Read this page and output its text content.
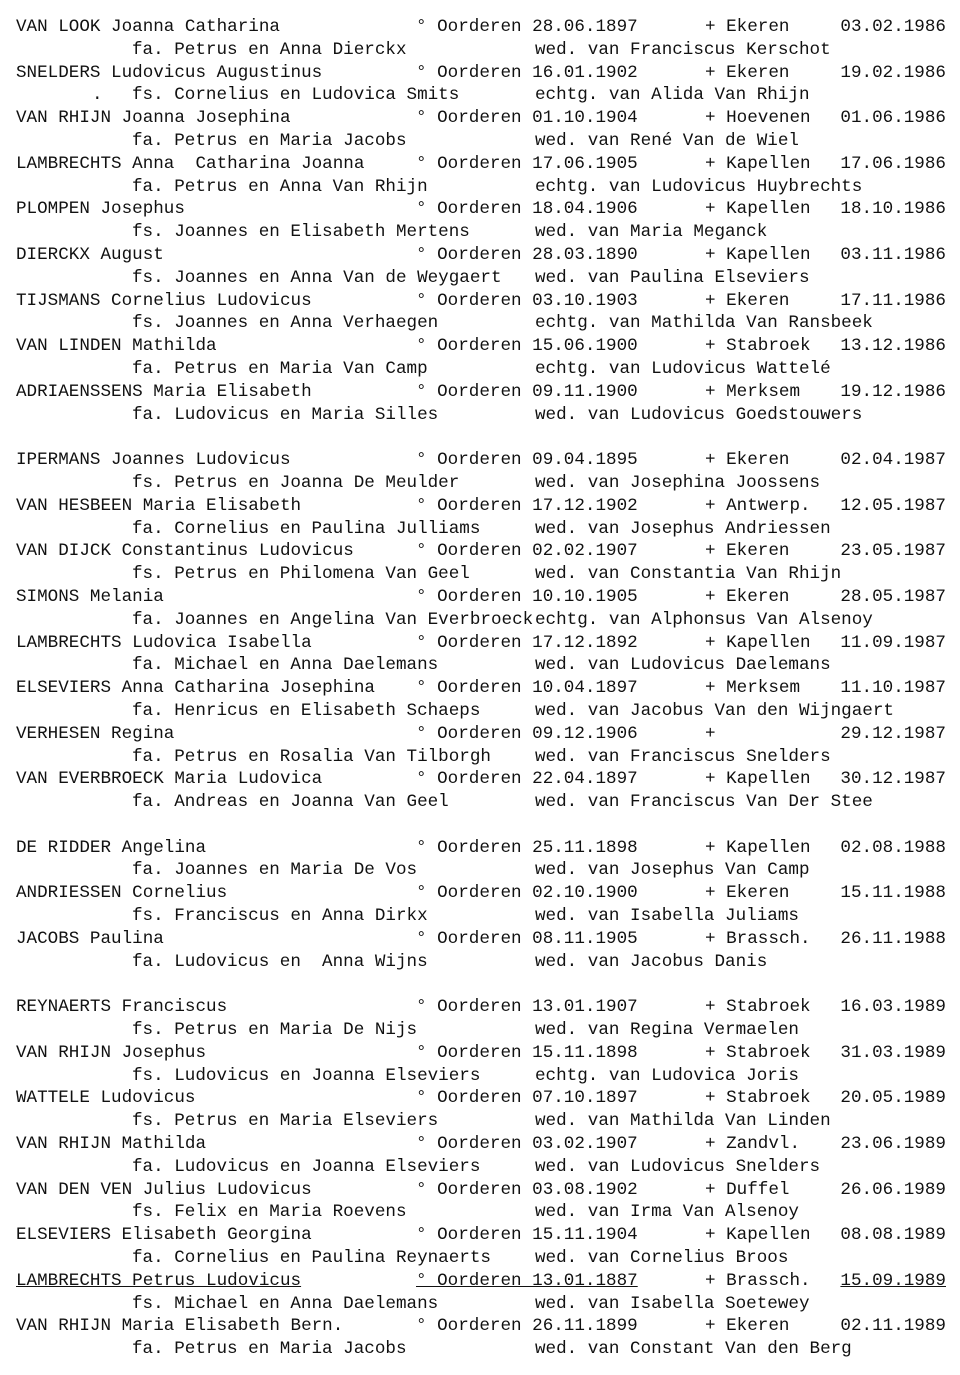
VAN LOOK Joanna Catharina	° Oorderen 28.06.1897	+ Ekeren	03.02.1986
fa. Petrus en Anna Dierckx	wed. van Franciscus Kerschot
SNELDERS Ludovicus Augustinus	° Oorderen 16.01.1902	+ Ekeren	19.02.1986
. fs. Cornelius en Ludovica Smits	echtg. van Alida Van Rhijn
VAN RHIJN Joanna Josephina	° Oorderen 01.10.1904	+ Hoevenen 01.06.1986
fa. Petrus en Maria Jacobs	wed. van René Van de Wiel
LAMBRECHTS Anna  Catharina Joanna	° Oorderen 17.06.1905	+ Kapellen 17.06.1986
fa. Petrus en Anna Van Rhijn	echtg. van Ludovicus Huybrechts
PLOMPEN Josephus	° Oorderen 18.04.1906	+ Kapellen 18.10.1986
fs. Joannes en Elisabeth Mertens	wed. van Maria Meganck
DIERCKX August	° Oorderen 28.03.1890	+ Kapellen 03.11.1986
fs. Joannes en Anna Van de Weygaert wed. van Paulina Elseviers
TIJSMANS Cornelius Ludovicus	° Oorderen 03.10.1903	+ Ekeren	17.11.1986
fs. Joannes en Anna Verhaegen	echtg. van Mathilda Van Ransbeek
VAN LINDEN Mathilda	° Oorderen 15.06.1900	+ Stabroek 13.12.1986
fa. Petrus en Maria Van Camp	echtg. van Ludovicus Wattelé
ADRIAENSSENS Maria Elisabeth	° Oorderen 09.11.1900	+ Merksem 19.12.1986
fa. Ludovicus en Maria Silles	wed. van Ludovicus Goedstouwers
IPERMANS Joannes Ludovicus	° Oorderen 09.04.1895	+ Ekeren	02.04.1987
fs. Petrus en Joanna De Meulder	wed. van Josephina Joossens
VAN HESBEEN Maria Elisabeth	° Oorderen 17.12.1902	+ Antwerp. 12.05.1987
fa. Cornelius en Paulina Julliams	wed. van Josephus Andriessen
VAN DIJCK Constantinus Ludovicus	° Oorderen 02.02.1907	+ Ekeren	23.05.1987
fs. Petrus en Philomena Van Geel	wed. van Constantia Van Rhijn
SIMONS Melania	° Oorderen 10.10.1905	+ Ekeren	28.05.1987
fa. Joannes en Angelina Van Everbroeck echtg. van Alphonsus Van Alsenoy
LAMBRECHTS Ludovica Isabella	° Oorderen 17.12.1892	+ Kapellen 11.09.1987
fa. Michael en Anna Daelemans	wed. van Ludovicus Daelemans
ELSEVIERS Anna Catharina Josephina ° Oorderen 10.04.1897	+ Merksem 11.10.1987
fa. Henricus en Elisabeth Schaeps	wed. van Jacobus Van den Wijngaert
VERHESEN Regina	° Oorderen 09.12.1906	+	29.12.1987
fa. Petrus en Rosalia Van Tilborgh	wed. van Franciscus Snelders
VAN EVERBROECK Maria Ludovica	° Oorderen 22.04.1897	+ Kapellen 30.12.1987
fa. Andreas en Joanna Van Geel	wed. van Franciscus Van Der Stee
DE RIDDER Angelina	° Oorderen 25.11.1898	+ Kapellen 02.08.1988
fa. Joannes en Maria De Vos	wed. van Josephus Van Camp
ANDRIESSEN Cornelius	° Oorderen 02.10.1900	+ Ekeren	15.11.1988
fs. Franciscus en Anna Dirkx	wed. van Isabella Juliams
JACOBS Paulina	° Oorderen 08.11.1905	+ Brassch. 26.11.1988
fa. Ludovicus en  Anna Wijns	wed. van Jacobus Danis
REYNAERTS Franciscus	° Oorderen 13.01.1907	+ Stabroek 16.03.1989
fs. Petrus en Maria De Nijs	wed. van Regina Vermaelen
VAN RHIJN Josephus	° Oorderen 15.11.1898	+ Stabroek 31.03.1989
fs. Ludovicus en Joanna Elseviers	echtg. van Ludovica Joris
WATTELE Ludovicus	° Oorderen 07.10.1897	+ Stabroek 20.05.1989
fs. Petrus en Maria Elseviers	wed. van Mathilda Van Linden
VAN RHIJN Mathilda	° Oorderen 03.02.1907	+ Zandvl. 23.06.1989
fa. Ludovicus en Joanna Elseviers	wed. van Ludovicus Snelders
VAN DEN VEN Julius Ludovicus	° Oorderen 03.08.1902	+ Duffel	26.06.1989
fs. Felix en Maria Roevens	wed. van Irma Van Alsenoy
ELSEVIERS Elisabeth Georgina	° Oorderen 15.11.1904	+ Kapellen 08.08.1989
fa. Cornelius en Paulina Reynaerts	wed. van Cornelius Broos
LAMBRECHTS Petrus Ludovicus	° Oorderen 13.01.1887	+ Brassch. 15.09.1989
fs. Michael en Anna Daelemans	wed. van Isabella Soetewey
VAN RHIJN Maria Elisabeth Bern.	° Oorderen 26.11.1899	+ Ekeren	02.11.1989
fa. Petrus en Maria Jacobs	wed. van Constant Van den Berg
